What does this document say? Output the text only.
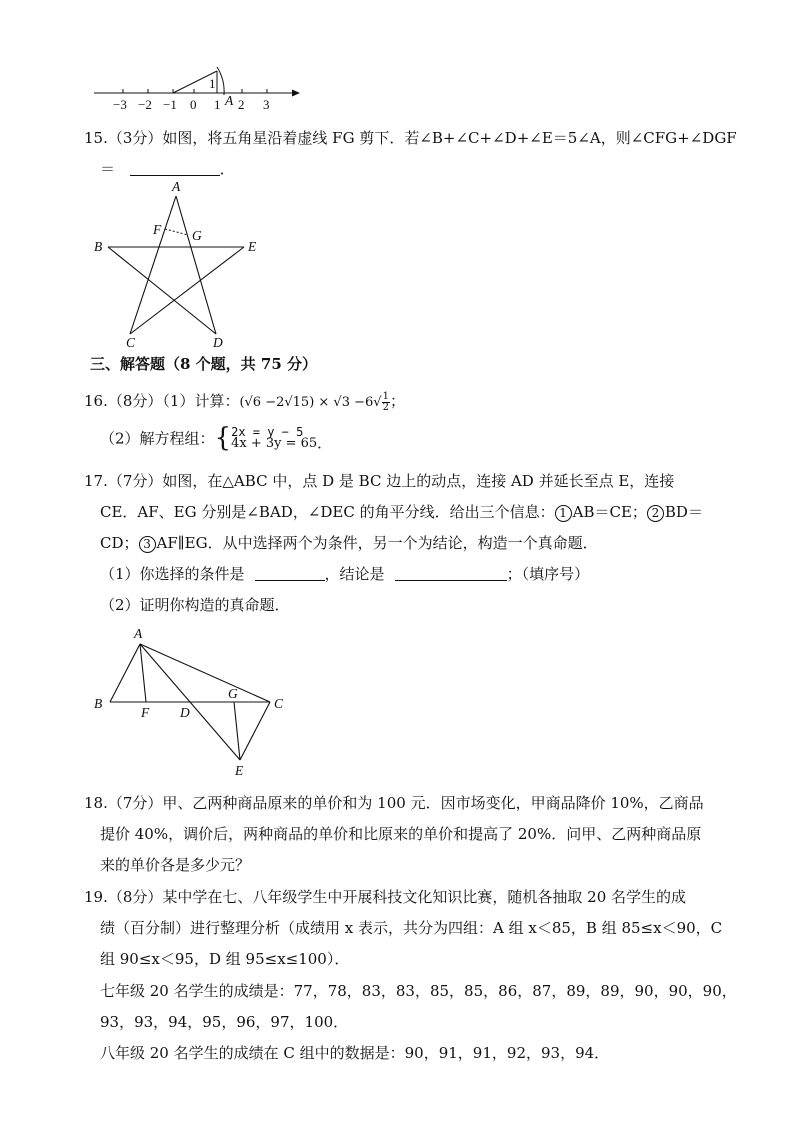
−3 −2 −1 0 1 2 3
1
A
15.（3分）如图，将五角星沿着虚线 FG 剪下．若∠B+∠C+∠D+∠E＝5∠A，则∠CFG+∠DGF
＝	．
A
B
C	D
E
F G
三、解答题（8 个题，共 75 分）
16.（8分）（1）计算：$(√6 -2√15) \times √3 -6√ \frac{1}{2}$ ；
（2）解方程组：{ 2x = y − 5
4x + 3y = 65 ．
17.（7分）如图，在△ABC 中，点 D 是 BC 边上的动点，连接 AD 并延长至点 E，连接
CE．AF、EG 分别是∠BAD，∠DEC 的角平分线．给出三个信息： 1 AB＝CE； 2 BD＝
CD； 3 AF∥EG．从中选择两个为条件，另一个为结论，构造一个真命题．
（1）你选择的条件是	，结论是	；（填序号）
（2）证明你构造的真命题．
A
B	C
D
E
F
G
18.（7分）甲、乙两种商品原来的单价和为 100 元．因市场变化，甲商品降价 10%，乙商品
提价 40%，调价后，两种商品的单价和比原来的单价和提高了 20%．问甲、乙两种商品原
来的单价各是多少元？
19.（8分）某中学在七、八年级学生中开展科技文化知识比赛，随机各抽取 20 名学生的成
绩（百分制）进行整理分析（成绩用 x 表示，共分为四组：A 组 x＜85，B 组 85≤x＜90，C
组 90≤x＜95，D 组 95≤x≤100）．
七年级 20 名学生的成绩是：77，78，83，83，85，85，86，87，89，89，90，90，90，
93，93，94，95，96，97，100．
八年级 20 名学生的成绩在 C 组中的数据是：90，91，91，92，93，94．
